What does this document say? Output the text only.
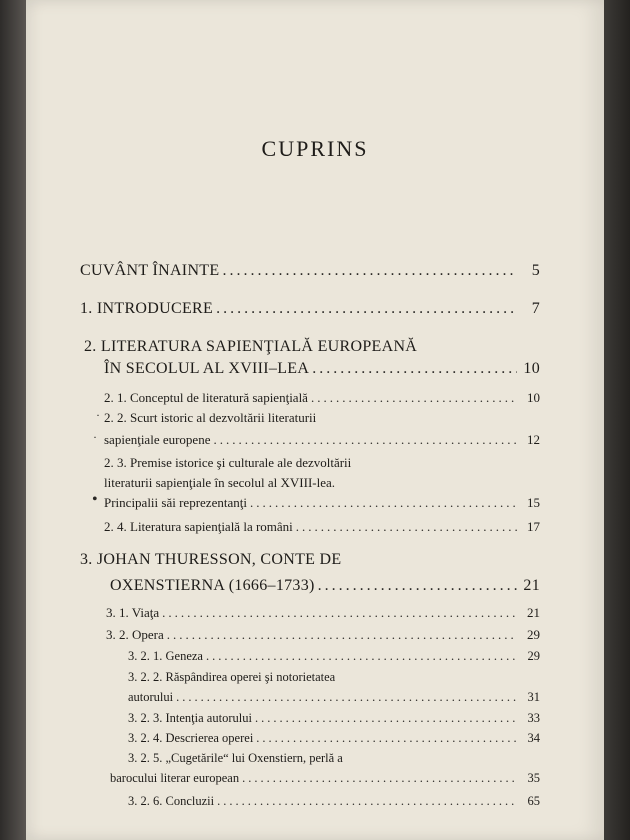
CUPRINS
CUVÂNT ÎNAINTE .....	5
1. INTRODUCERE .....	7
2. LITERATURA SAPIENŢIALĂ EUROPEANĂ
ÎN SECOLUL AL XVIII–LEA .....	10
2. 1. Conceptul de literatură sapienţială .....	10
· 2. 2. Scurt istoric al dezvoltării literaturii
· sapienţiale europene .....	12
2. 3. Premise istorice şi culturale ale dezvoltării
literaturii sapienţiale în secolul al XVIII-lea.
• Principalii săi reprezentanţi .....	15
2. 4. Literatura sapienţială la români .....	17
3. JOHAN THURESSON, CONTE DE
OXENSTIERNA (1666–1733) .....	21
3. 1. Viaţa .....	21
3. 2. Opera .....	29
3. 2. 1. Geneza .....	29
3. 2. 2. Răspândirea operei şi notorietatea
autorului .....	31
3. 2. 3. Intenţia autorului .....	33
3. 2. 4. Descrierea operei .....	34
3. 2. 5. „Cugetările“ lui Oxenstiern, perlă a
barocului literar european .....	35
3. 2. 6. Concluzii .....	65
